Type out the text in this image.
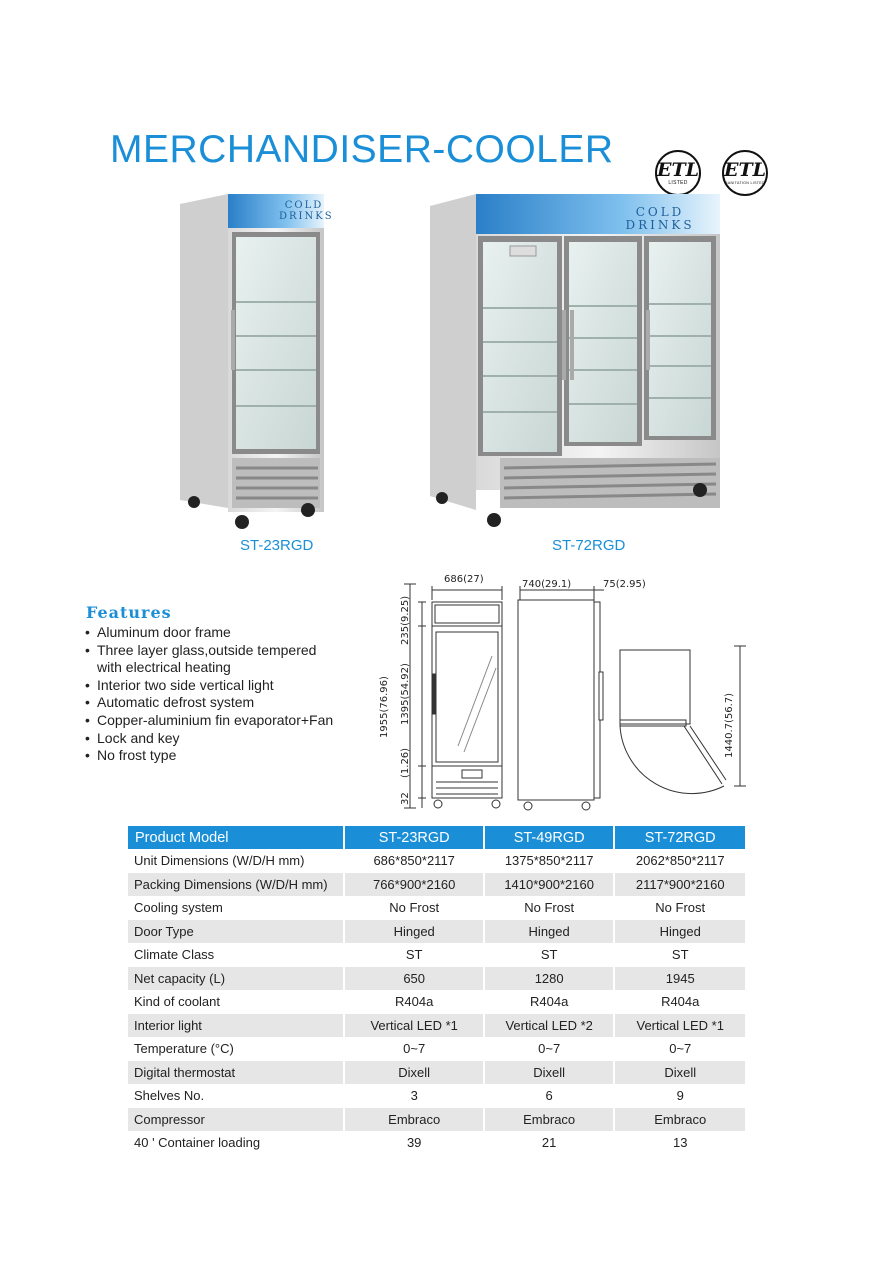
MERCHANDISER-COOLER ETL
LISTED
ETL
SANITATION LISTED
COLD
DRINKS	COLD
DRINKS
ST-23RGD	ST-72RGD
Features
• Aluminum door frame
• Three layer glass,outside tempered with electrical heating
• Interior two side vertical light
• Automatic defrost system
• Copper-aluminium fin evaporator+Fan
• Lock and key
• No frost type
686(27)	740(29.1)	75(2.95)
1955(76.96)
235(9.25)
1395(54.92)
(1.26)
32
1440.7(56.7)
Product Model	ST-23RGD	ST-49RGD	ST-72RGD
Unit Dimensions (W/D/H mm)	686*850*2117	1375*850*2117	2062*850*2117
Packing Dimensions (W/D/H mm)	766*900*2160	1410*900*2160	2117*900*2160
Cooling system	No Frost	No Frost	No Frost
Door Type	Hinged	Hinged	Hinged
Climate Class	ST	ST	ST
Net capacity (L)	650	1280	1945
Kind of coolant	R404a	R404a	R404a
Interior light	Vertical LED *1	Vertical LED *2	Vertical LED *1
Temperature (°C)	0~7	0~7	0~7
Digital thermostat	Dixell	Dixell	Dixell
Shelves No.	3	6	9
Compressor	Embraco	Embraco	Embraco
40 ' Container loading	39	21	13
